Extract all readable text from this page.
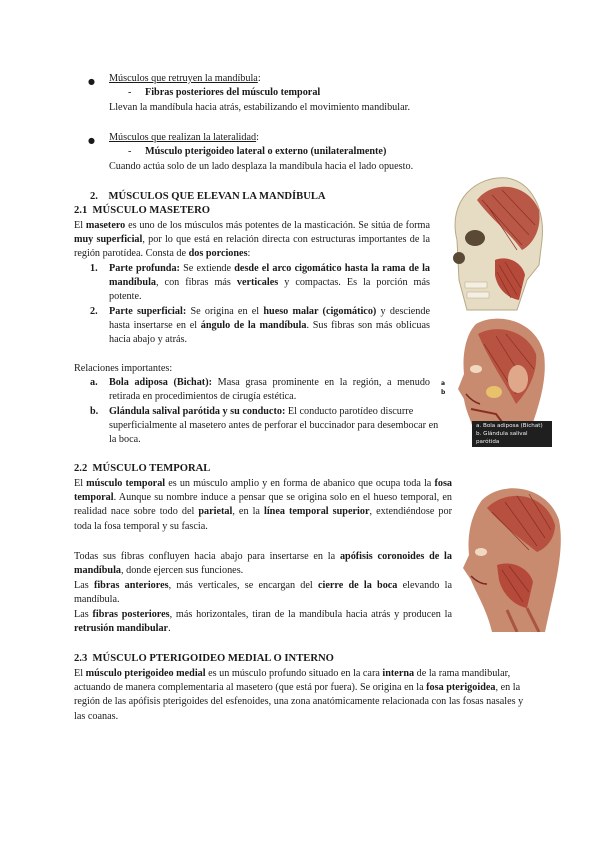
● Músculos que retruyen la mandíbula:
- Fibras posteriores del músculo temporal
Llevan la mandíbula hacia atrás, estabilizando el movimiento mandibular.
● Músculos que realizan la lateralidad:
- Músculo pterigoideo lateral o externo (unilateralmente)
Cuando actúa solo de un lado desplaza la mandíbula hacia el lado opuesto.
2. MÚSCULOS QUE ELEVAN LA MANDÍBULA
2.1 MÚSCULO MASETERO
El masetero es uno de los músculos más potentes de la masticación. Se sitúa de forma muy superficial, por lo que está en relación directa con estructuras importantes de la región parotídea. Consta de dos porciones:
1. Parte profunda: Se extiende desde el arco cigomático hasta la rama de la mandíbula, con fibras más verticales y compactas. Es la porción más potente.
2. Parte superficial: Se origina en el hueso malar (cigomático) y desciende hasta insertarse en el ángulo de la mandíbula. Sus fibras son más oblicuas hacia abajo y atrás.
Relaciones importantes:
a. Bola adiposa (Bichat): Masa grasa prominente en la región, a menudo retirada en procedimientos de cirugía estética.
b. Glándula salival parótida y su conducto: El conducto parotídeo discurre superficialmente al masetero antes de perforar el buccinador para desembocar en la boca.
2.2 MÚSCULO TEMPORAL
El músculo temporal es un músculo amplio y en forma de abanico que ocupa toda la fosa temporal. Aunque su nombre induce a pensar que se origina solo en el hueso temporal, en realidad nace sobre todo del parietal, en la línea temporal superior, extendiéndose por toda la fosa temporal y su fascia.
Todas sus fibras confluyen hacia abajo para insertarse en la apófisis coronoides de la mandíbula, donde ejercen sus funciones.
Las fibras anteriores, más verticales, se encargan del cierre de la boca elevando la mandíbula.
Las fibras posteriores, más horizontales, tiran de la mandíbula hacia atrás y producen la retrusión mandibular.
2.3 MÚSCULO PTERIGOIDEO MEDIAL O INTERNO
El músculo pterigoideo medial es un músculo profundo situado en la cara interna de la rama mandibular, actuando de manera complementaria al masetero (que está por fuera). Se origina en la fosa pterigoidea, en la región de las apófisis pterigoides del esfenoides, una zona anatómicamente relacionada con las fosas nasales y las coanas.
a
b
a. Bola adiposa (Bichat)
b. Glándula salival parótida
